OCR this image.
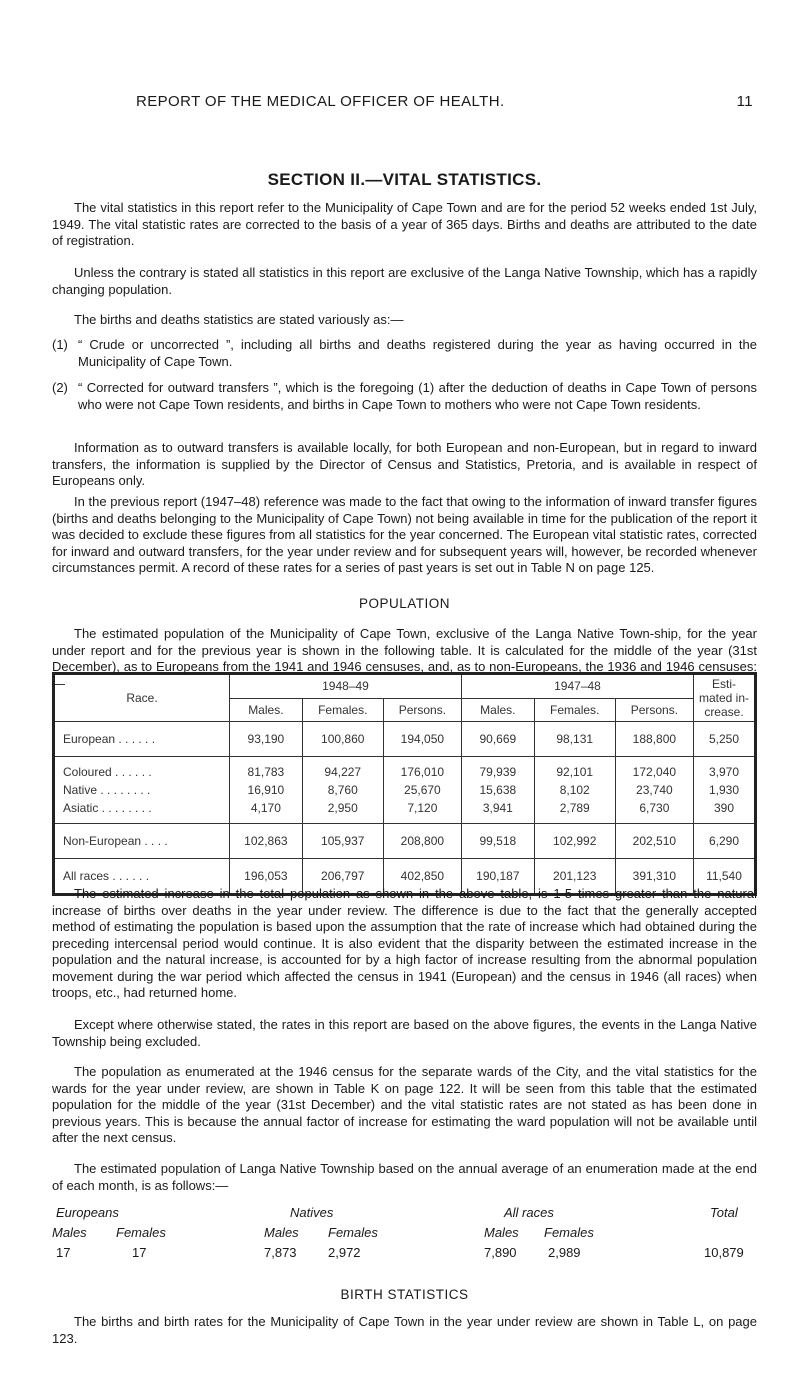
REPORT OF THE MEDICAL OFFICER OF HEALTH.	11
SECTION II.—VITAL STATISTICS.

The vital statistics in this report refer to the Municipality of Cape Town and are for the period 52 weeks ended 1st July, 1949. The vital statistic rates are corrected to the basis of a year of 365 days. Births and deaths are attributed to the date of registration.

Unless the contrary is stated all statistics in this report are exclusive of the Langa Native Township, which has a rapidly changing population.

The births and deaths statistics are stated variously as:—

(1) “ Crude or uncorrected ”, including all births and deaths registered during the year as having occurred in the Municipality of Cape Town.

(2) “ Corrected for outward transfers ”, which is the foregoing (1) after the deduction of deaths in Cape Town of persons who were not Cape Town residents, and births in Cape Town to mothers who were not Cape Town residents.

Information as to outward transfers is available locally, for both European and non-European, but in regard to inward transfers, the information is supplied by the Director of Census and Statistics, Pretoria, and is available in respect of Europeans only.

In the previous report (1947–48) reference was made to the fact that owing to the information of inward transfer figures (births and deaths belonging to the Municipality of Cape Town) not being available in time for the publication of the report it was decided to exclude these figures from all statistics for the year concerned. The European vital statistic rates, corrected for inward and outward transfers, for the year under review and for subsequent years will, however, be recorded whenever circumstances permit. A record of these rates for a series of past years is set out in Table N on page 125.

POPULATION
Race.	1948–49			1947–48			Esti- mated in- crease.
	Males.	Females.	Persons.	Males.	Females.	Persons.	
European . . . . . .	93,190	100,860	194,050	90,669	98,131	188,800	5,250
Coloured . . . . . .	81,783	94,227	176,010	79,939	92,101	172,040	3,970
Native . . . . . . . .	16,910	8,760	25,670	15,638	8,102	23,740	1,930
Asiatic . . . . . . . .	4,170	2,950	7,120	3,941	2,789	6,730	390
Non-European . . . .	102,863	105,937	208,800	99,518	102,992	202,510	6,290
All races . . . . . .	196,053	206,797	402,850	190,187	201,123	391,310	11,540

The estimated population of the Municipality of Cape Town, exclusive of the Langa Native Town-ship, for the year under report and for the previous year is shown in the following table. It is calculated for the middle of the year (31st December), as to Europeans from the 1941 and 1946 censuses, and, as to non-Europeans, the 1936 and 1946 censuses:—

The estimated increase in the total population as shown in the above table, is 1·5 times greater than the natural increase of births over deaths in the year under review. The difference is due to the fact that the generally accepted method of estimating the population is based upon the assumption that the rate of increase which had obtained during the preceding intercensal period would continue. It is also evident that the disparity between the estimated increase in the population and the natural increase, is accounted for by a high factor of increase resulting from the abnormal population movement during the war period which affected the census in 1941 (European) and the census in 1946 (all races) when troops, etc., had returned home.

Except where otherwise stated, the rates in this report are based on the above figures, the events in the Langa Native Township being excluded.

The population as enumerated at the 1946 census for the separate wards of the City, and the vital statistics for the wards for the year under review, are shown in Table K on page 122. It will be seen from this table that the estimated population for the middle of the year (31st December) and the vital statistic rates are not stated as has been done in previous years. This is because the annual factor of increase for estimating the ward population will not be available until after the next census.

The estimated population of Langa Native Township based on the annual average of an enumeration made at the end of each month, is as follows:—

Europeans	Natives	All races	Total
Males Females	Males Females	Males Females
17	17	7,873 2,972	7,890 2,989	10,879
BIRTH STATISTICS

The births and birth rates for the Municipality of Cape Town in the year under review are shown in Table L, on page 123.
